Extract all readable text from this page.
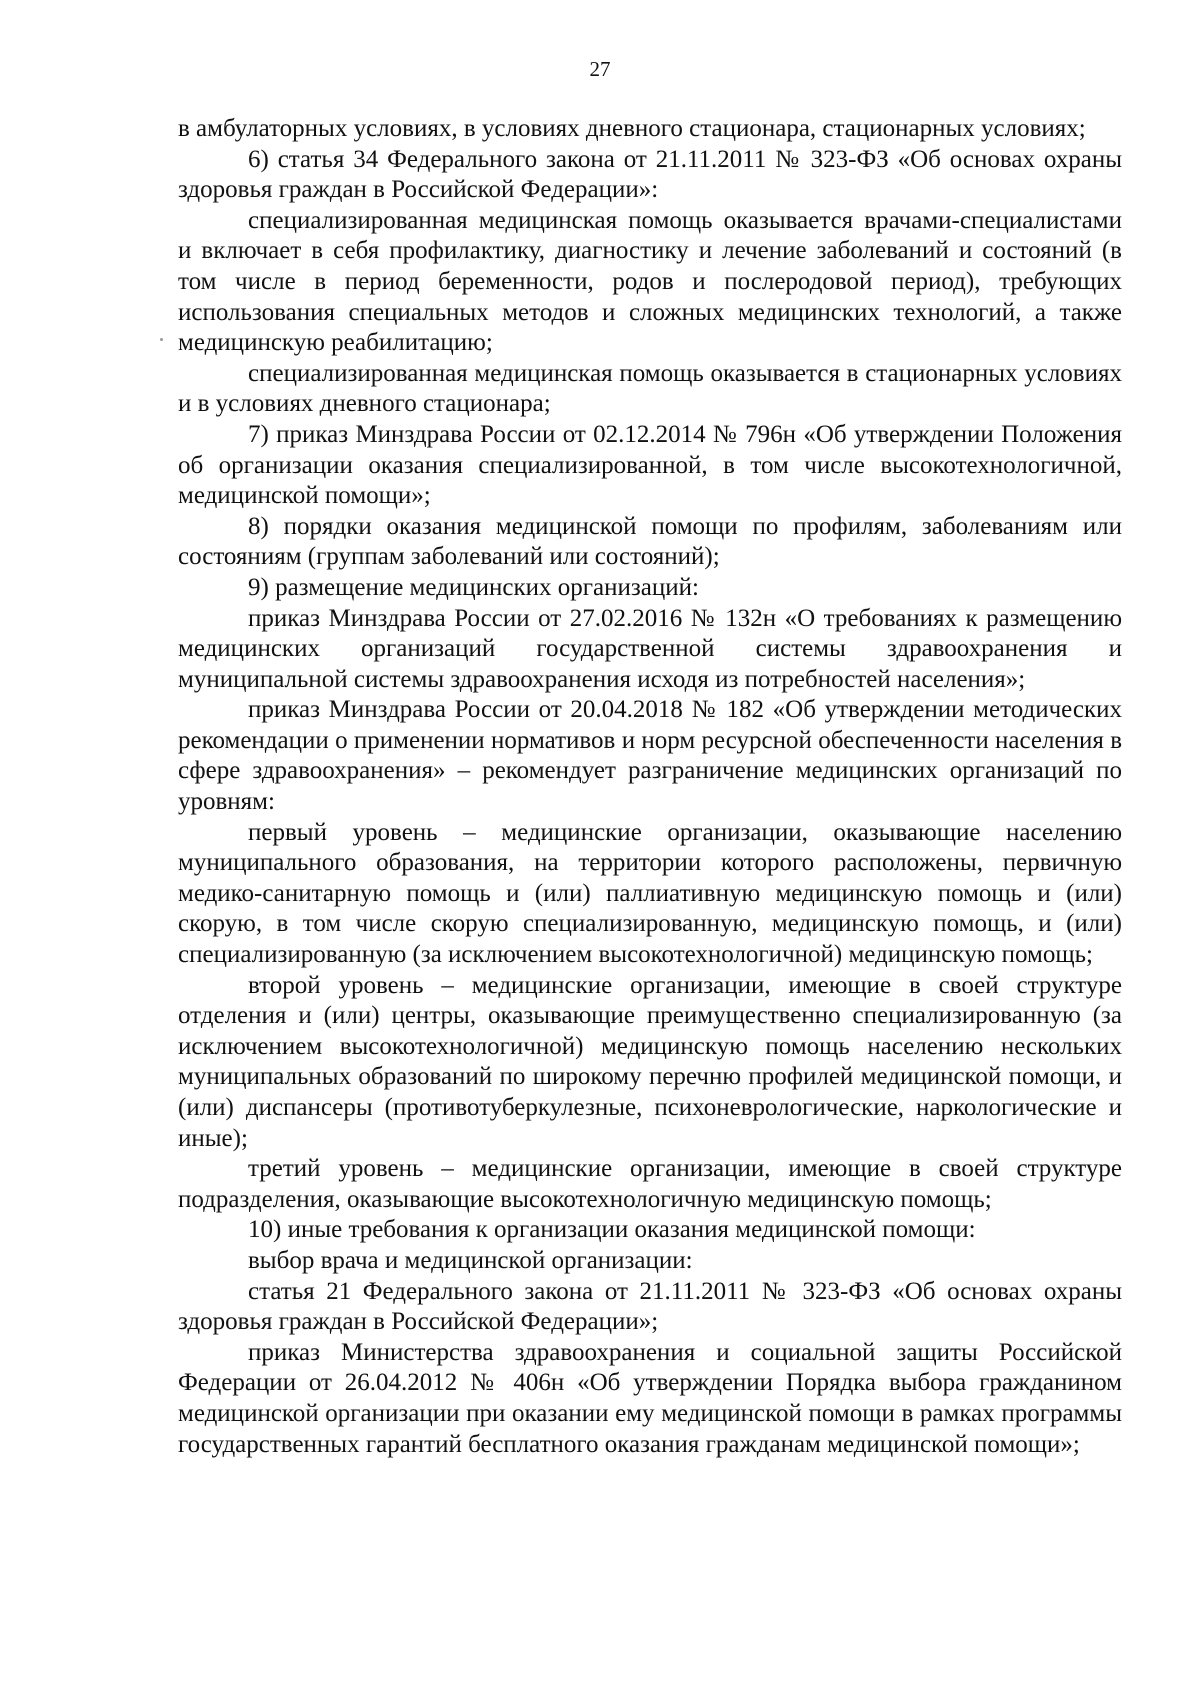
27

в амбулаторных условиях, в условиях дневного стационара, стационарных условиях;

6) статья 34 Федерального закона от 21.11.2011 № 323-ФЗ «Об основах охраны здоровья граждан в Российской Федерации»:

специализированная медицинская помощь оказывается врачами-специалистами и включает в себя профилактику, диагностику и лечение заболеваний и состояний (в том числе в период беременности, родов и послеродовой период), требующих использования специальных методов и сложных медицинских технологий, а также медицинскую реабилитацию;

специализированная медицинская помощь оказывается в стационарных условиях и в условиях дневного стационара;

7) приказ Минздрава России от 02.12.2014 № 796н «Об утверждении Положения об организации оказания специализированной, в том числе высокотехнологичной, медицинской помощи»;

8) порядки оказания медицинской помощи по профилям, заболеваниям или состояниям (группам заболеваний или состояний);

9) размещение медицинских организаций:

приказ Минздрава России от 27.02.2016 № 132н «О требованиях к размещению медицинских организаций государственной системы здравоохранения и муниципальной системы здравоохранения исходя из потребностей населения»;

приказ Минздрава России от 20.04.2018 № 182 «Об утверждении методических рекомендации о применении нормативов и норм ресурсной обеспеченности населения в сфере здравоохранения» – рекомендует разграничение медицинских организаций по уровням:

первый уровень – медицинские организации, оказывающие населению муниципального образования, на территории которого расположены, первичную медико-санитарную помощь и (или) паллиативную медицинскую помощь и (или) скорую, в том числе скорую специализированную, медицинскую помощь, и (или) специализированную (за исключением высокотехнологичной) медицинскую помощь;

второй уровень – медицинские организации, имеющие в своей структуре отделения и (или) центры, оказывающие преимущественно специализированную (за исключением высокотехнологичной) медицинскую помощь населению нескольких муниципальных образований по широкому перечню профилей медицинской помощи, и (или) диспансеры (противотуберкулезные, психоневрологические, наркологические и иные);

третий уровень – медицинские организации, имеющие в своей структуре подразделения, оказывающие высокотехнологичную медицинскую помощь;

10) иные требования к организации оказания медицинской помощи:

выбор врача и медицинской организации:

статья 21 Федерального закона от 21.11.2011 № 323-ФЗ «Об основах охраны здоровья граждан в Российской Федерации»;

приказ Министерства здравоохранения и социальной защиты Российской Федерации от 26.04.2012 № 406н «Об утверждении Порядка выбора гражданином медицинской организации при оказании ему медицинской помощи в рамках программы государственных гарантий бесплатного оказания гражданам медицинской помощи»;
